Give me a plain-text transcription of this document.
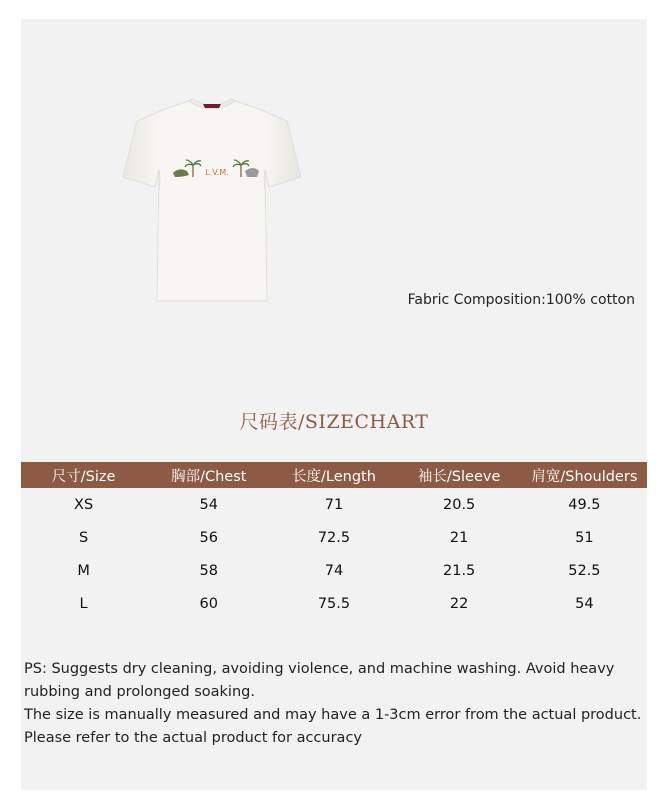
L.V.M.
Fabric Composition:100% cotton
尺码表/SIZECHART
尺寸/Size	胸部/Chest	长度/Length	袖长/Sleeve	肩宽/Shoulders
XS	54	71	20.5	49.5
S	56	72.5	21	51
M	58	74	21.5	52.5
L	60	75.5	22	54
PS: Suggests dry cleaning, avoiding violence, and machine washing. Avoid heavy rubbing and prolonged soaking.
The size is manually measured and may have a 1-3cm error from the actual product.
Please refer to the actual product for accuracy
